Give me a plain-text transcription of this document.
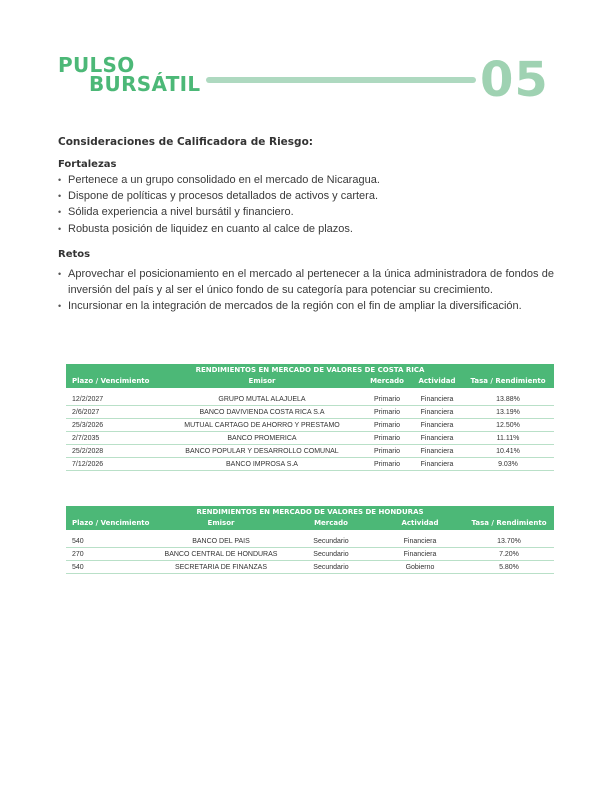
PULSO
BURSÁTIL	05
Consideraciones de Calificadora de Riesgo:
Fortalezas
• Pertenece a un grupo consolidado en el mercado de Nicaragua.
• Dispone de políticas y procesos detallados de activos y cartera.
• Sólida experiencia a nivel bursátil y financiero.
• Robusta posición de liquidez en cuanto al calce de plazos.
Retos
• Aprovechar el posicionamiento en el mercado al pertenecer a la única administradora de fondos de inversión del país y al ser el único fondo de su categoría para potenciar su crecimiento.
• Incursionar en la integración de mercados de la región con el fin de ampliar la diversificación.
RENDIMIENTOS EN MERCADO DE VALORES DE COSTA RICA
Plazo / Vencimiento	Emisor	Mercado	Actividad	Tasa / Rendimiento
12/2/2027	GRUPO MUTAL ALAJUELA	Primario	Financiera	13.88%
2/6/2027	BANCO DAVIVIENDA COSTA RICA S.A	Primario	Financiera	13.19%
25/3/2026	MUTUAL CARTAGO DE AHORRO Y PRESTAMO	Primario	Financiera	12.50%
2/7/2035	BANCO PROMERICA	Primario	Financiera	11.11%
25/2/2028	BANCO POPULAR Y DESARROLLO COMUNAL	Primario	Financiera	10.41%
7/12/2026	BANCO IMPROSA S.A	Primario	Financiera	9.03%
RENDIMIENTOS EN MERCADO DE VALORES DE HONDURAS
Plazo / Vencimiento	Emisor	Mercado	Actividad	Tasa / Rendimiento
540	BANCO DEL PAIS	Secundario	Financiera	13.70%
270	BANCO CENTRAL DE HONDURAS	Secundario	Financiera	7.20%
540	SECRETARIA DE FINANZAS	Secundario	Gobierno	5.80%
